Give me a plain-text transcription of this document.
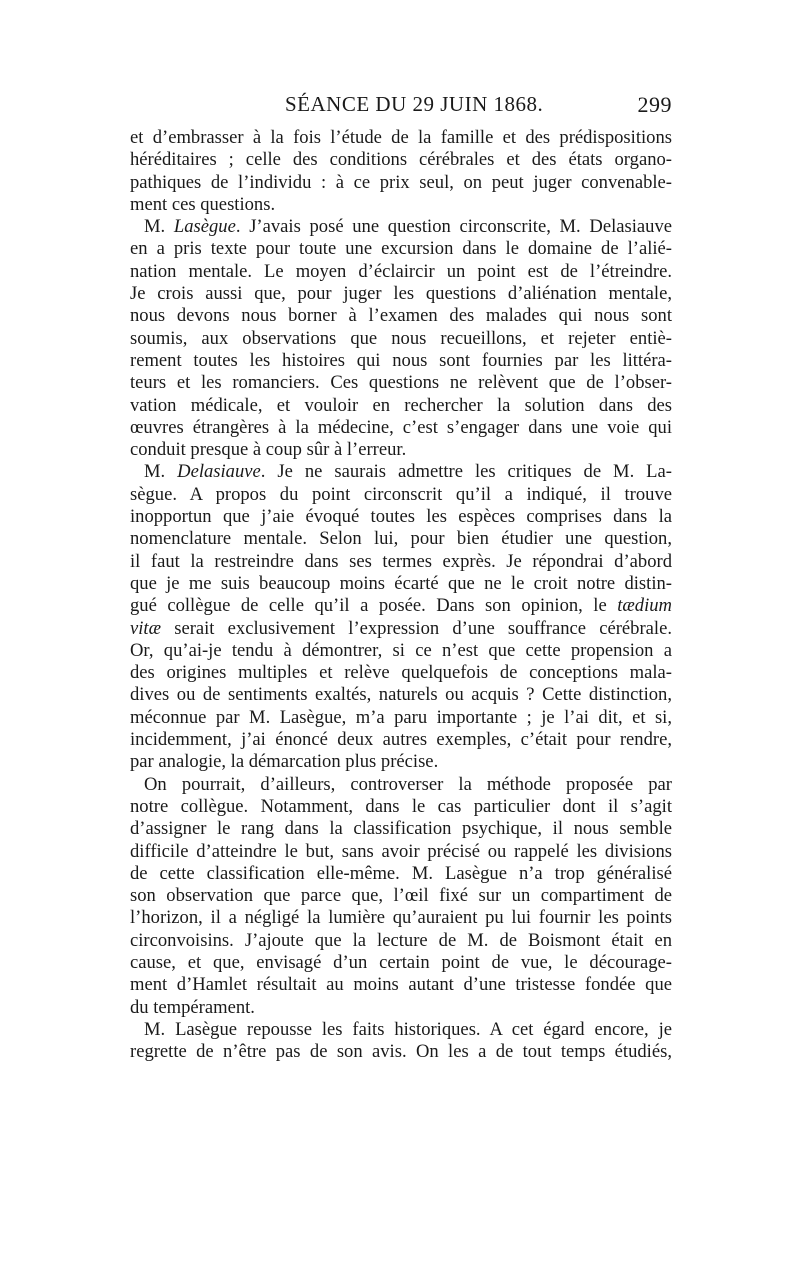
SÉANCE DU 29 JUIN 1868.	299
et d’embrasser à la fois l’étude de la famille et des prédispositions
héréditaires ; celle des conditions cérébrales et des états organo-
pathiques de l’individu : à ce prix seul, on peut juger convenable-
ment ces questions.
M. Lasègue. J’avais posé une question circonscrite, M. Delasiauve
en a pris texte pour toute une excursion dans le domaine de l’alié-
nation mentale. Le moyen d’éclaircir un point est de l’étreindre.
Je crois aussi que, pour juger les questions d’aliénation mentale,
nous devons nous borner à l’examen des malades qui nous sont
soumis, aux observations que nous recueillons, et rejeter entiè-
rement toutes les histoires qui nous sont fournies par les littéra-
teurs et les romanciers. Ces questions ne relèvent que de l’obser-
vation médicale, et vouloir en rechercher la solution dans des
œuvres étrangères à la médecine, c’est s’engager dans une voie qui
conduit presque à coup sûr à l’erreur.
M. Delasiauve. Je ne saurais admettre les critiques de M. La-
sègue. A propos du point circonscrit qu’il a indiqué, il trouve
inopportun que j’aie évoqué toutes les espèces comprises dans la
nomenclature mentale. Selon lui, pour bien étudier une question,
il faut la restreindre dans ses termes exprès. Je répondrai d’abord
que je me suis beaucoup moins écarté que ne le croit notre distin-
gué collègue de celle qu’il a posée. Dans son opinion, le tædium
vitæ serait exclusivement l’expression d’une souffrance cérébrale.
Or, qu’ai-je tendu à démontrer, si ce n’est que cette propension a
des origines multiples et relève quelquefois de conceptions mala-
dives ou de sentiments exaltés, naturels ou acquis ? Cette distinction,
méconnue par M. Lasègue, m’a paru importante ; je l’ai dit, et si,
incidemment, j’ai énoncé deux autres exemples, c’était pour rendre,
par analogie, la démarcation plus précise.
On pourrait, d’ailleurs, controverser la méthode proposée par
notre collègue. Notamment, dans le cas particulier dont il s’agit
d’assigner le rang dans la classification psychique, il nous semble
difficile d’atteindre le but, sans avoir précisé ou rappelé les divisions
de cette classification elle-même. M. Lasègue n’a trop généralisé
son observation que parce que, l’œil fixé sur un compartiment de
l’horizon, il a négligé la lumière qu’auraient pu lui fournir les points
circonvoisins. J’ajoute que la lecture de M. de Boismont était en
cause, et que, envisagé d’un certain point de vue, le découragе-
ment d’Hamlet résultait au moins autant d’une tristesse fondée que
du tempérament.
M. Lasègue repousse les faits historiques. A cet égard encore, je
regrette de n’être pas de son avis. On les a de tout temps étudiés,
